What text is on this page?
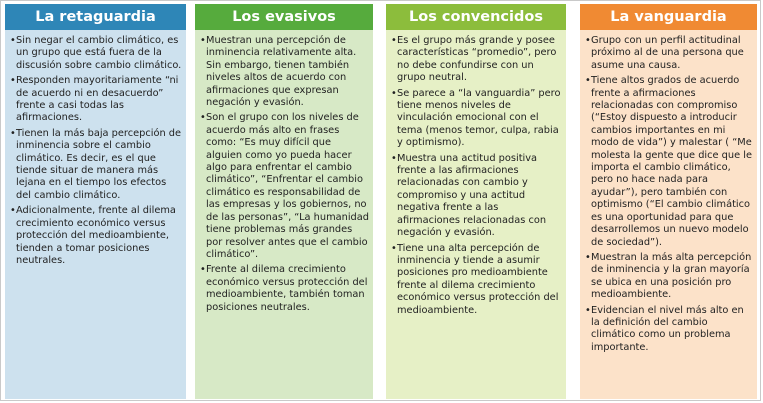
La retaguardia
• Sin negar el cambio climático, es un grupo que está fuera de la discusión sobre cambio climático.
• Responden mayoritariamente “ni de acuerdo ni en desacuerdo” frente a casi todas las afirmaciones.
• Tienen la más baja percepción de inminencia sobre el cambio climático. Es decir, es el que tiende situar de manera más lejana en el tiempo los efectos del cambio climático.
• Adicionalmente, frente al dilema crecimiento económico versus protección del medioambiente, tienden a tomar posiciones neutrales.
Los evasivos
• Muestran una percepción de inminencia relativamente alta. Sin embargo, tienen también niveles altos de acuerdo con afirmaciones que expresan negación y evasión.
• Son el grupo con los niveles de acuerdo más alto en frases como: “Es muy difícil que alguien como yo pueda hacer algo para enfrentar el cambio climático”, “Enfrentar el cambio climático es responsabilidad de las empresas y los gobiernos, no de las personas”, “La humanidad tiene problemas más grandes por resolver antes que el cambio climático”.
• Frente al dilema crecimiento económico versus protección del medioambiente, también toman posiciones neutrales.
Los convencidos
• Es el grupo más grande y posee características “promedio”, pero no debe confundirse con un grupo neutral.
• Se parece a “la vanguardia” pero tiene menos niveles de vinculación emocional con el tema (menos temor, culpa, rabia y optimismo).
• Muestra una actitud positiva frente a las afirmaciones relacionadas con cambio y compromiso y una actitud negativa frente a las afirmaciones relacionadas con negación y evasión.
• Tiene una alta percepción de inminencia y tiende a asumir posiciones pro medioambiente frente al dilema crecimiento económico versus protección del medioambiente.
La vanguardia
• Grupo con un perfil actitudinal próximo al de una persona que asume una causa.
• Tiene altos grados de acuerdo frente a afirmaciones relacionadas con compromiso (“Estoy dispuesto a introducir cambios importantes en mi modo de vida”) y malestar ( “Me molesta la gente que dice que le importa el cambio climático, pero no hace nada para ayudar”), pero también con optimismo (“El cambio climático es una oportunidad para que desarrollemos un nuevo modelo de sociedad”).
• Muestran la más alta percepción de inminencia y la gran mayoría se ubica en una posición pro medioambiente.
• Evidencian el nivel más alto en la definición del cambio climático como un problema importante.
